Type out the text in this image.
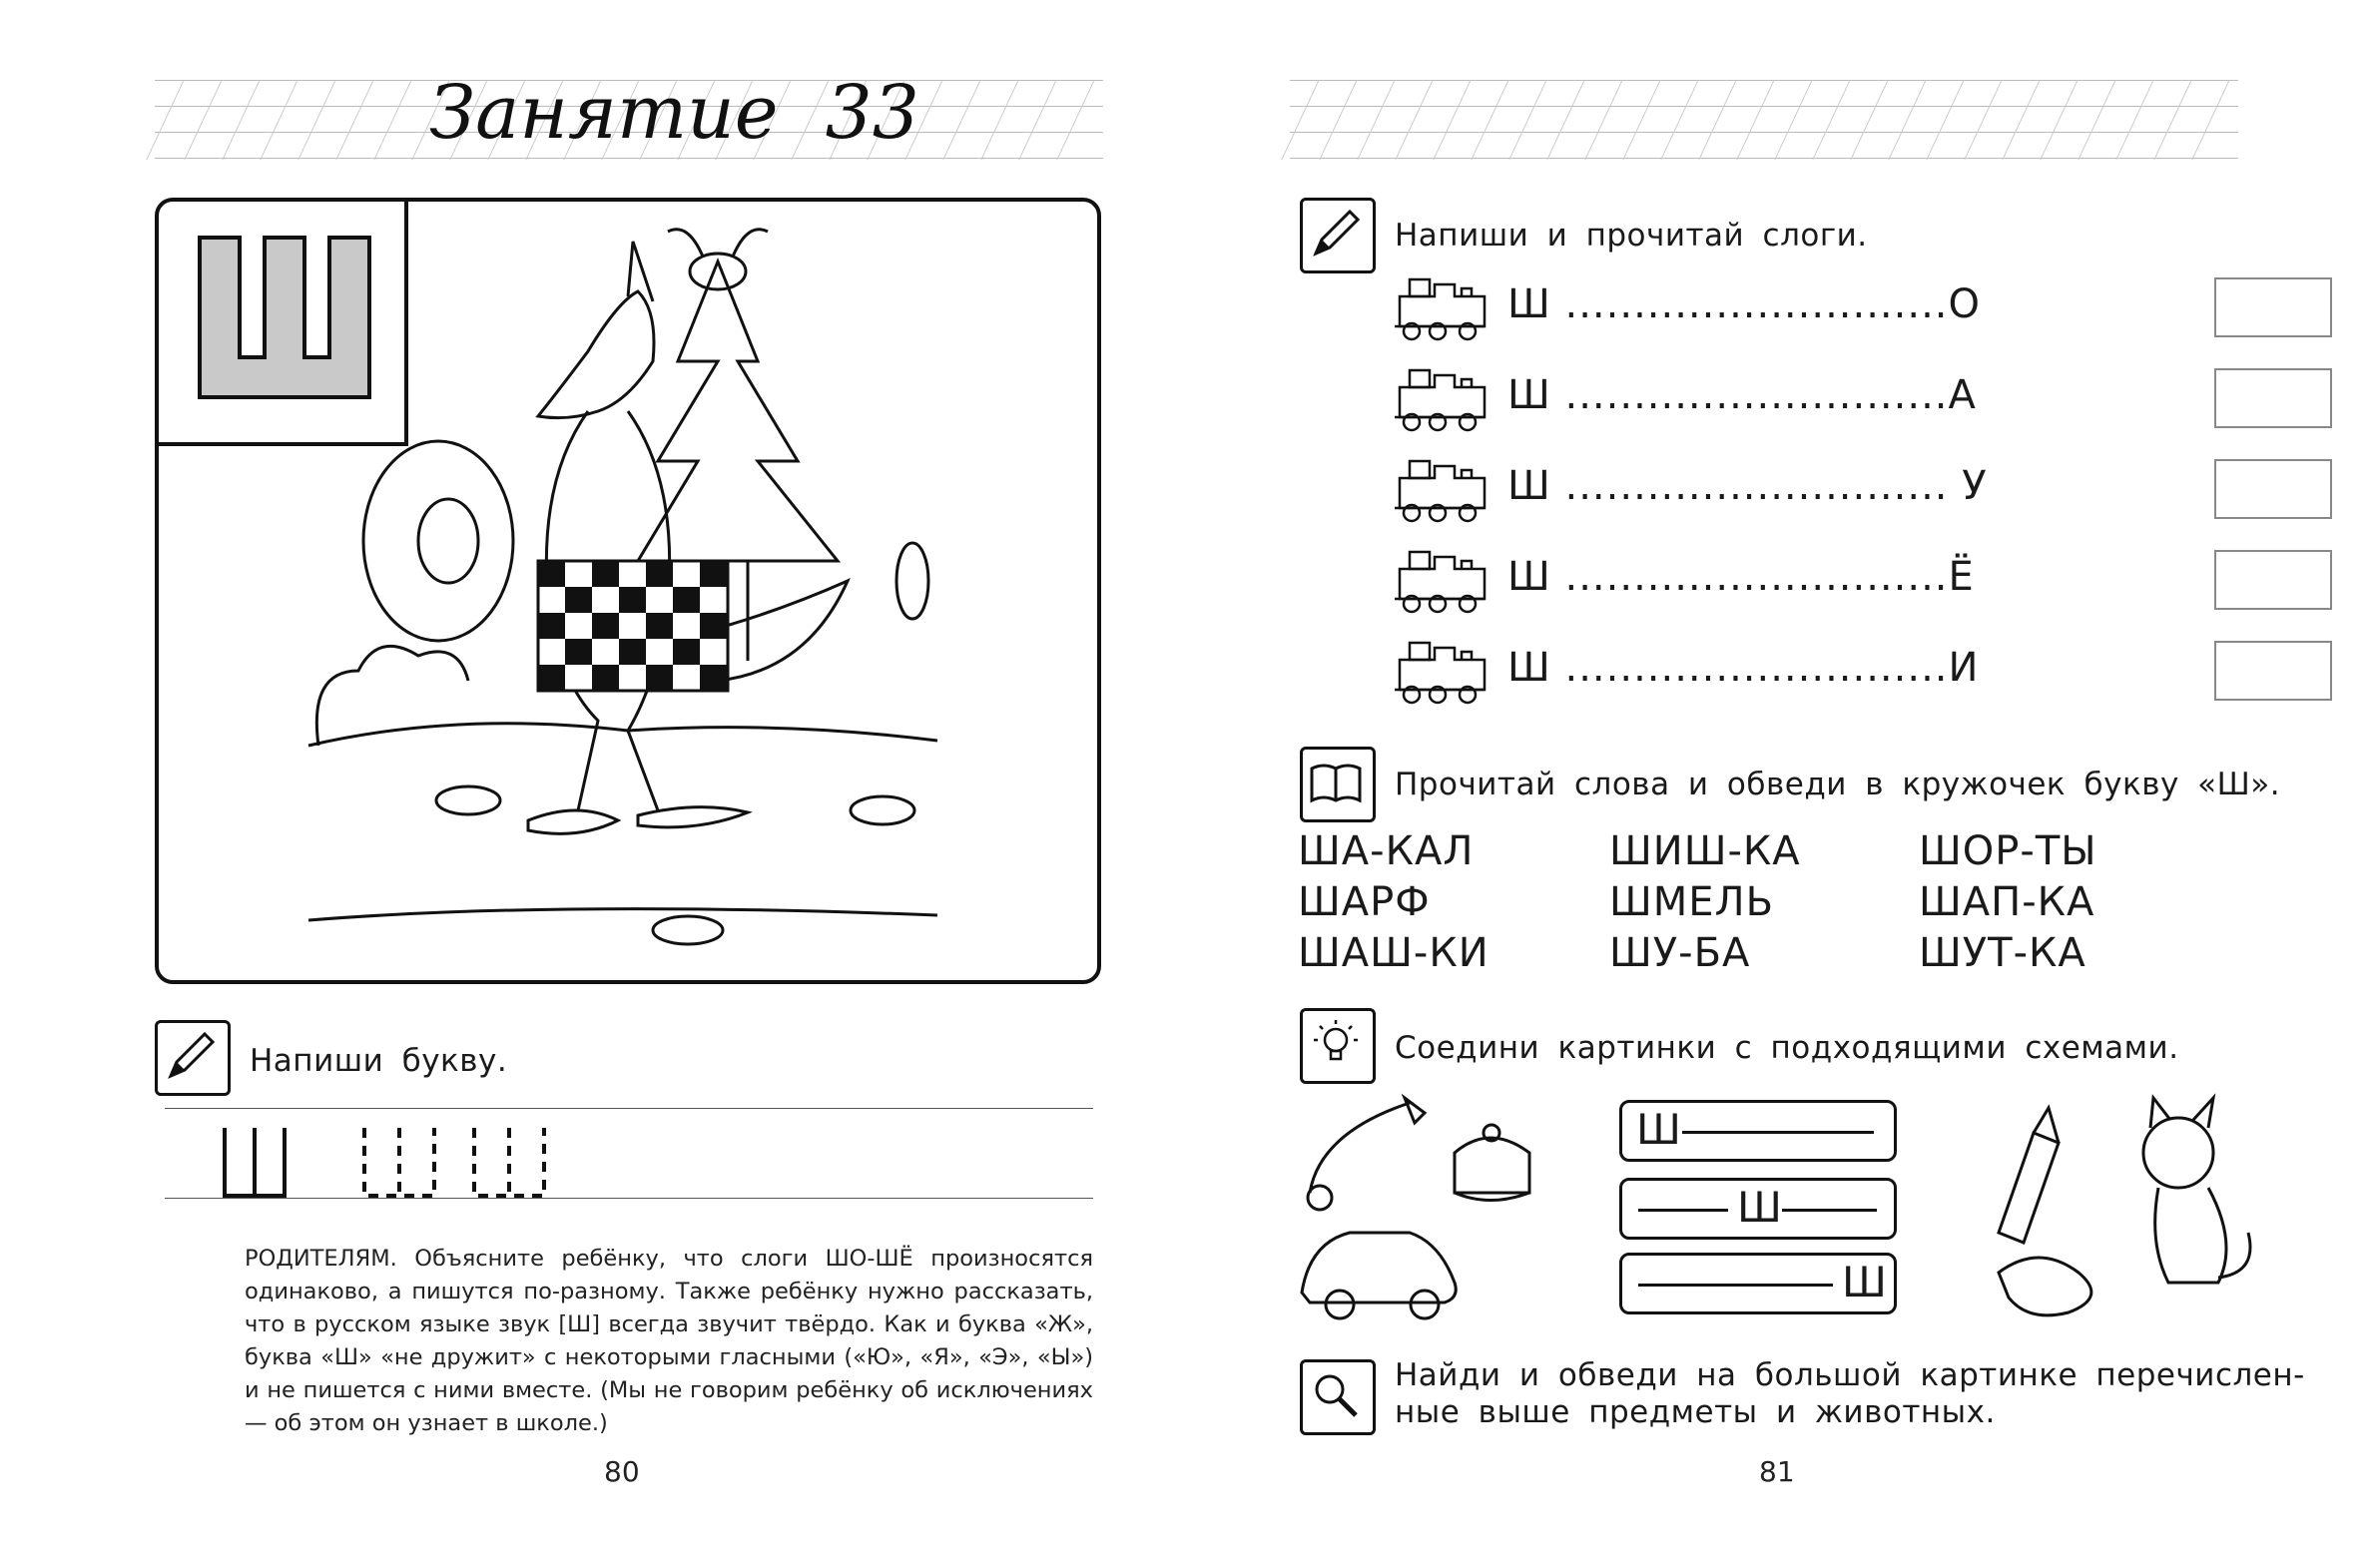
Занятие  33
Напиши букву.
РОДИТЕЛЯМ. Объясните ребёнку, что слоги ШО-ШЁ произносятся одинаково, а пишутся по-разному. Также ребёнку нужно рассказать, что в русском языке звук [Ш] всегда звучит твёрдо. Как и буква «Ж», буква «Ш» «не дружит» с некоторыми гласными («Ю», «Я», «Э», «Ы») и не пишется с ними вместе. (Мы не говорим ребёнку об исключениях — об этом он узнает в школе.)
80
Напиши и прочитай слоги.
Ш ............................О
Ш ............................А
Ш ............................ У
Ш ............................Ё
Ш ............................И
Прочитай слова и обведи в кружочек букву «Ш».
ША-КАЛ
ШАРФ
ШАШ-КИ
ШИШ-КА
ШМЕЛЬ
ШУ-БА
ШОР-ТЫ
ШАП-КА
ШУТ-КА
Соедини картинки с подходящими схемами.
Ш
Ш
Ш
Найди и обведи на большой картинке перечислен-
ные выше предметы и животных.
81
